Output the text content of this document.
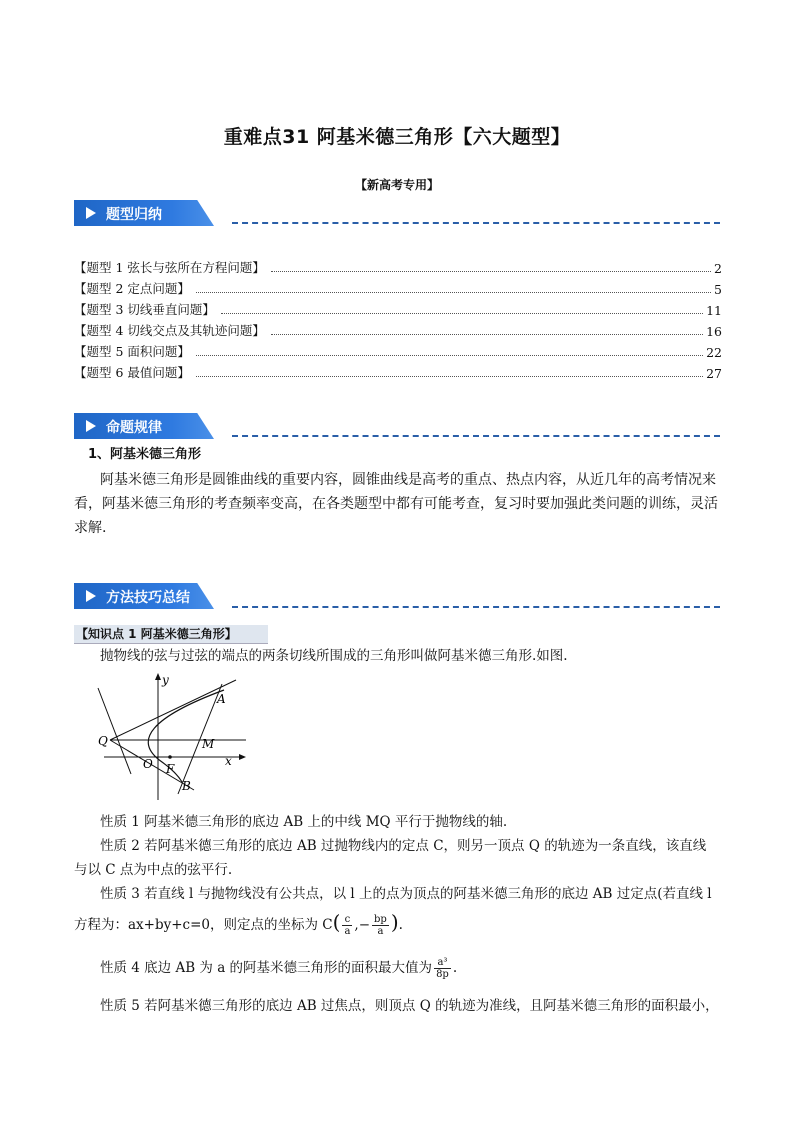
重难点31 阿基米德三角形【六大题型】
【新高考专用】
题型归纳
【题型 1 弦长与弦所在方程问题】	2
【题型 2 定点问题】	5
【题型 3 切线垂直问题】	11
【题型 4 切线交点及其轨迹问题】	16
【题型 5 面积问题】	22
【题型 6 最值问题】	27
命题规律
1、阿基米德三角形
阿基米德三角形是圆锥曲线的重要内容，圆锥曲线是高考的重点、热点内容，从近几年的高考情况来
看，阿基米德三角形的考查频率变高，在各类题型中都有可能考查，复习时要加强此类问题的训练，灵活
求解.
方法技巧总结
【知识点 1 阿基米德三角形】
抛物线的弦与过弦的端点的两条切线所围成的三角形叫做阿基米德三角形.如图.
y
x
A
B
Q	M
O F
性质 1 阿基米德三角形的底边 AB 上的中线 MQ 平行于抛物线的轴.
性质 2 若阿基米德三角形的底边 AB 过抛物线内的定点 C，则另一顶点 Q 的轨迹为一条直线，该直线
与以 C 点为中点的弦平行.
性质 3 若直线 l 与抛物线没有公共点，以 l 上的点为顶点的阿基米德三角形的底边 AB 过定点(若直线 l
方程为：ax+by+c=0，则定点的坐标为 $C( \frac{c}{a}$ ,− $\frac{bp}{a}$ ).
性质 4 底边 AB 为 a 的阿基米德三角形的面积最大值为 $\frac{\text{a³}}{8p}$ .
性质 5 若阿基米德三角形的底边 AB 过焦点，则顶点 Q 的轨迹为准线，且阿基米德三角形的面积最小，
